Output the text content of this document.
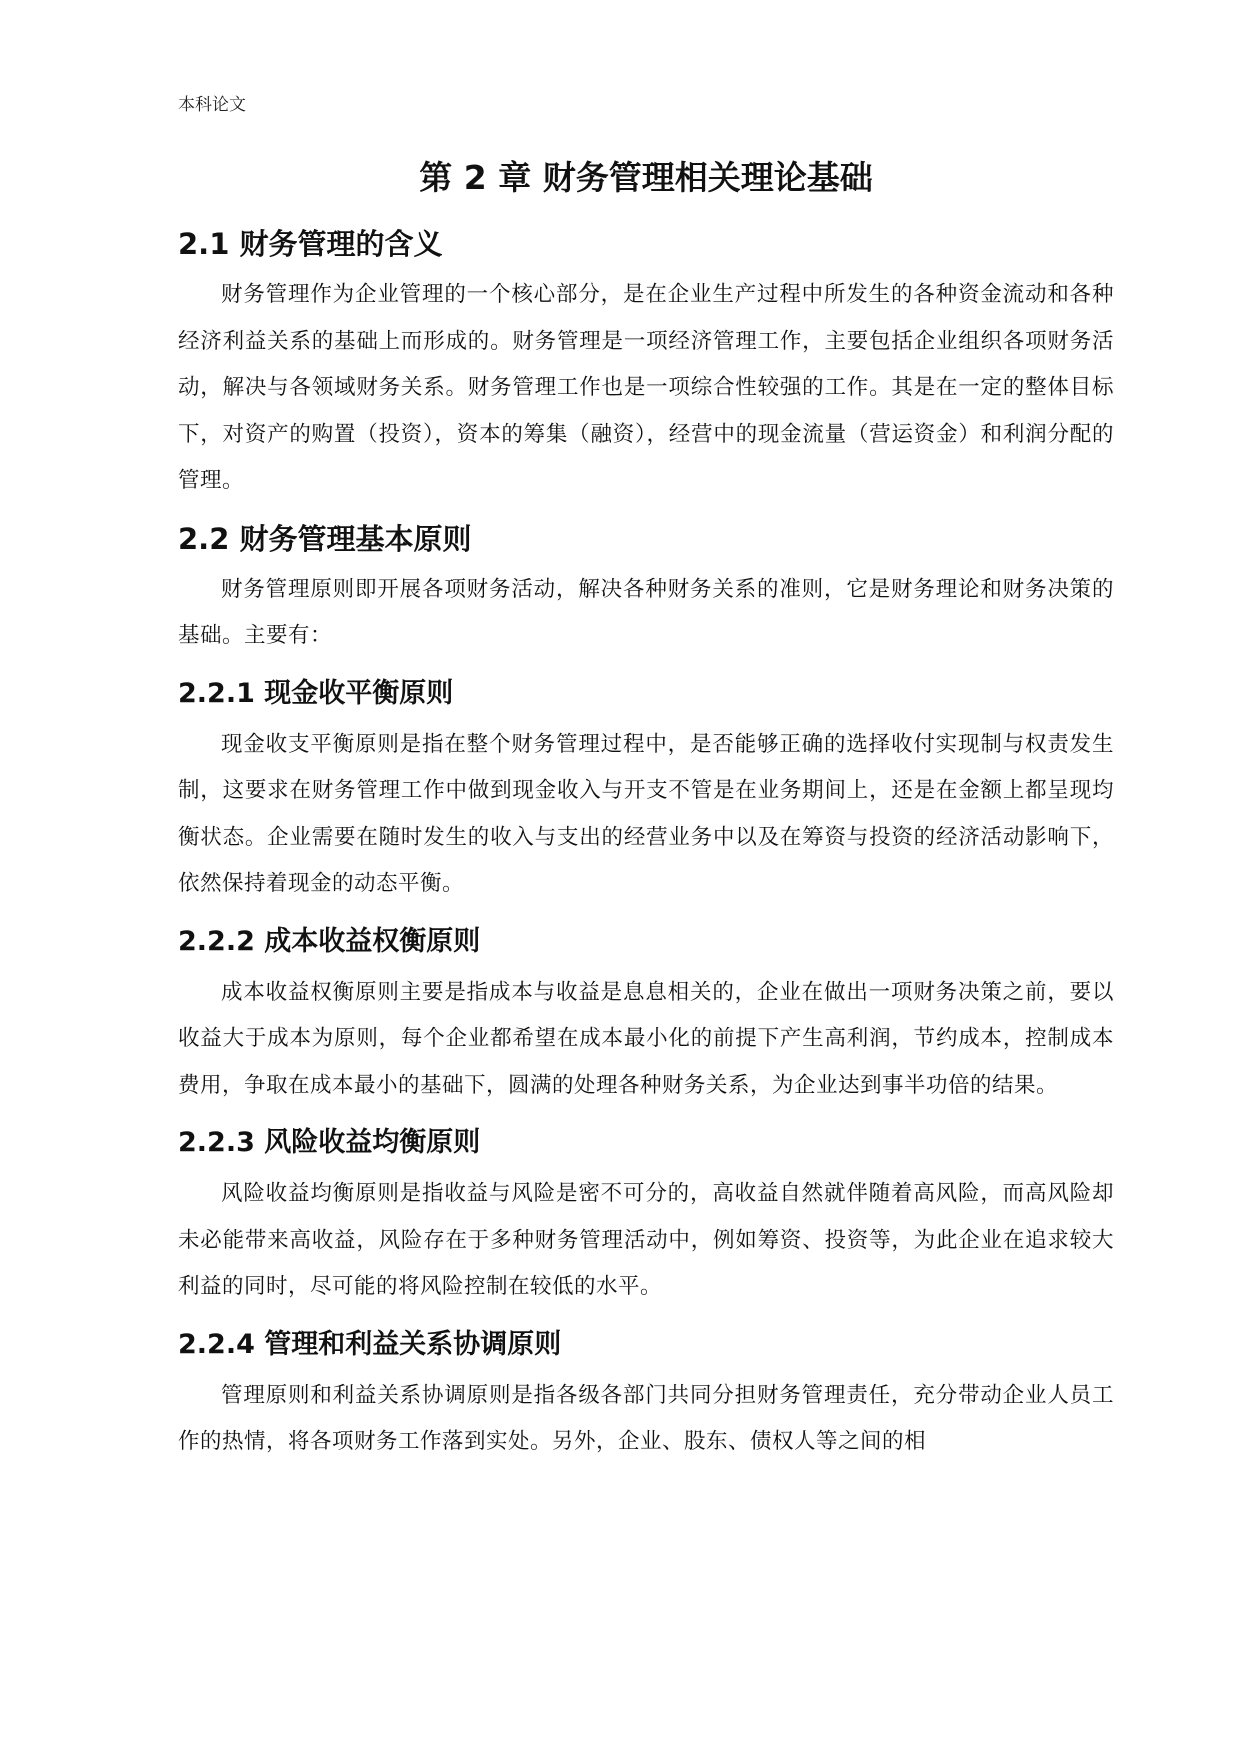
本科论文
第 2 章 财务管理相关理论基础
2.1 财务管理的含义

财务管理作为企业管理的一个核心部分，是在企业生产过程中所发生的各种资金流动和各种经济利益关系的基础上而形成的。财务管理是一项经济管理工作，主要包括企业组织各项财务活动，解决与各领域财务关系。财务管理工作也是一项综合性较强的工作。其是在一定的整体目标下，对资产的购置（投资），资本的筹集（融资），经营中的现金流量（营运资金）和利润分配的管理。

2.2 财务管理基本原则

财务管理原则即开展各项财务活动，解决各种财务关系的准则，它是财务理论和财务决策的基础。主要有：

2.2.1 现金收平衡原则

现金收支平衡原则是指在整个财务管理过程中，是否能够正确的选择收付实现制与权责发生制，这要求在财务管理工作中做到现金收入与开支不管是在业务期间上，还是在金额上都呈现均衡状态。企业需要在随时发生的收入与支出的经营业务中以及在筹资与投资的经济活动影响下，依然保持着现金的动态平衡。

2.2.2 成本收益权衡原则

成本收益权衡原则主要是指成本与收益是息息相关的，企业在做出一项财务决策之前，要以收益大于成本为原则，每个企业都希望在成本最小化的前提下产生高利润，节约成本，控制成本费用，争取在成本最小的基础下，圆满的处理各种财务关系，为企业达到事半功倍的结果。

2.2.3 风险收益均衡原则

风险收益均衡原则是指收益与风险是密不可分的，高收益自然就伴随着高风险，而高风险却未必能带来高收益，风险存在于多种财务管理活动中，例如筹资、投资等，为此企业在追求较大利益的同时，尽可能的将风险控制在较低的水平。

2.2.4 管理和利益关系协调原则

管理原则和利益关系协调原则是指各级各部门共同分担财务管理责任，充分带动企业人员工作的热情，将各项财务工作落到实处。另外，企业、股东、债权人等之间的相
